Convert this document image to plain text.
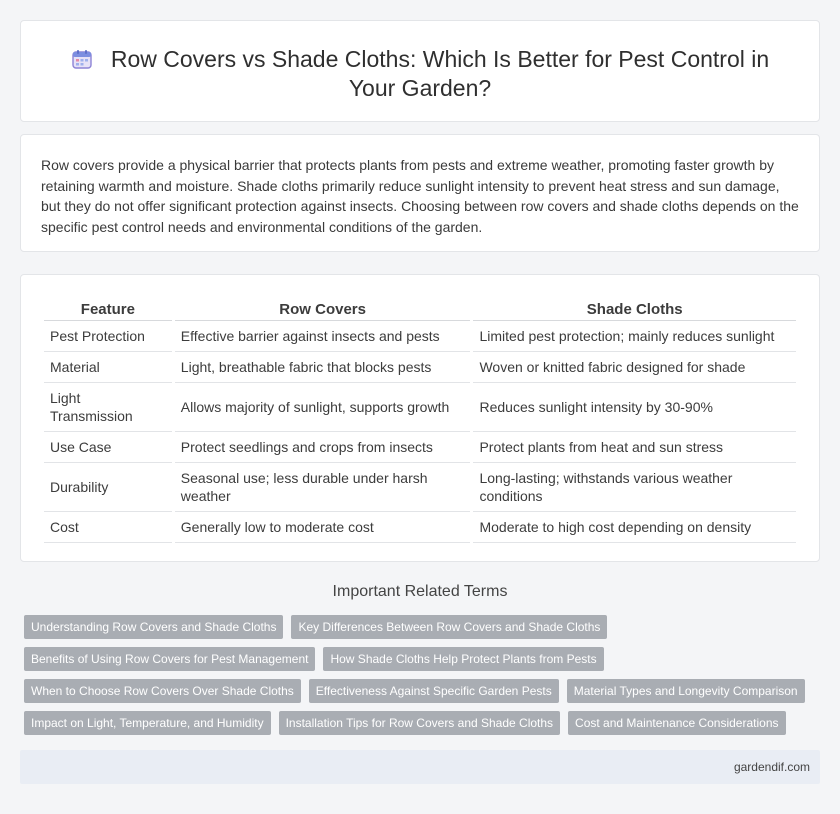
Row Covers vs Shade Cloths: Which Is Better for Pest Control in Your Garden?

Row covers provide a physical barrier that protects plants from pests and extreme weather, promoting faster growth by retaining warmth and moisture. Shade cloths primarily reduce sunlight intensity to prevent heat stress and sun damage, but they do not offer significant protection against insects. Choosing between row covers and shade cloths depends on the specific pest control needs and environmental conditions of the garden.

Feature	Row Covers	Shade Cloths
Pest Protection	Effective barrier against insects and pests	Limited pest protection; mainly reduces sunlight
Material	Light, breathable fabric that blocks pests	Woven or knitted fabric designed for shade
Light Transmission	Allows majority of sunlight, supports growth	Reduces sunlight intensity by 30-90%
Use Case	Protect seedlings and crops from insects	Protect plants from heat and sun stress
Durability	Seasonal use; less durable under harsh weather	Long-lasting; withstands various weather conditions
Cost	Generally low to moderate cost	Moderate to high cost depending on density
Important Related Terms
Understanding Row Covers and Shade Cloths	Key Differences Between Row Covers and Shade Cloths
Benefits of Using Row Covers for Pest Management	How Shade Cloths Help Protect Plants from Pests
When to Choose Row Covers Over Shade Cloths	Effectiveness Against Specific Garden Pests	Material Types and Longevity Comparison
Impact on Light, Temperature, and Humidity	Installation Tips for Row Covers and Shade Cloths	Cost and Maintenance Considerations
gardendif.com
